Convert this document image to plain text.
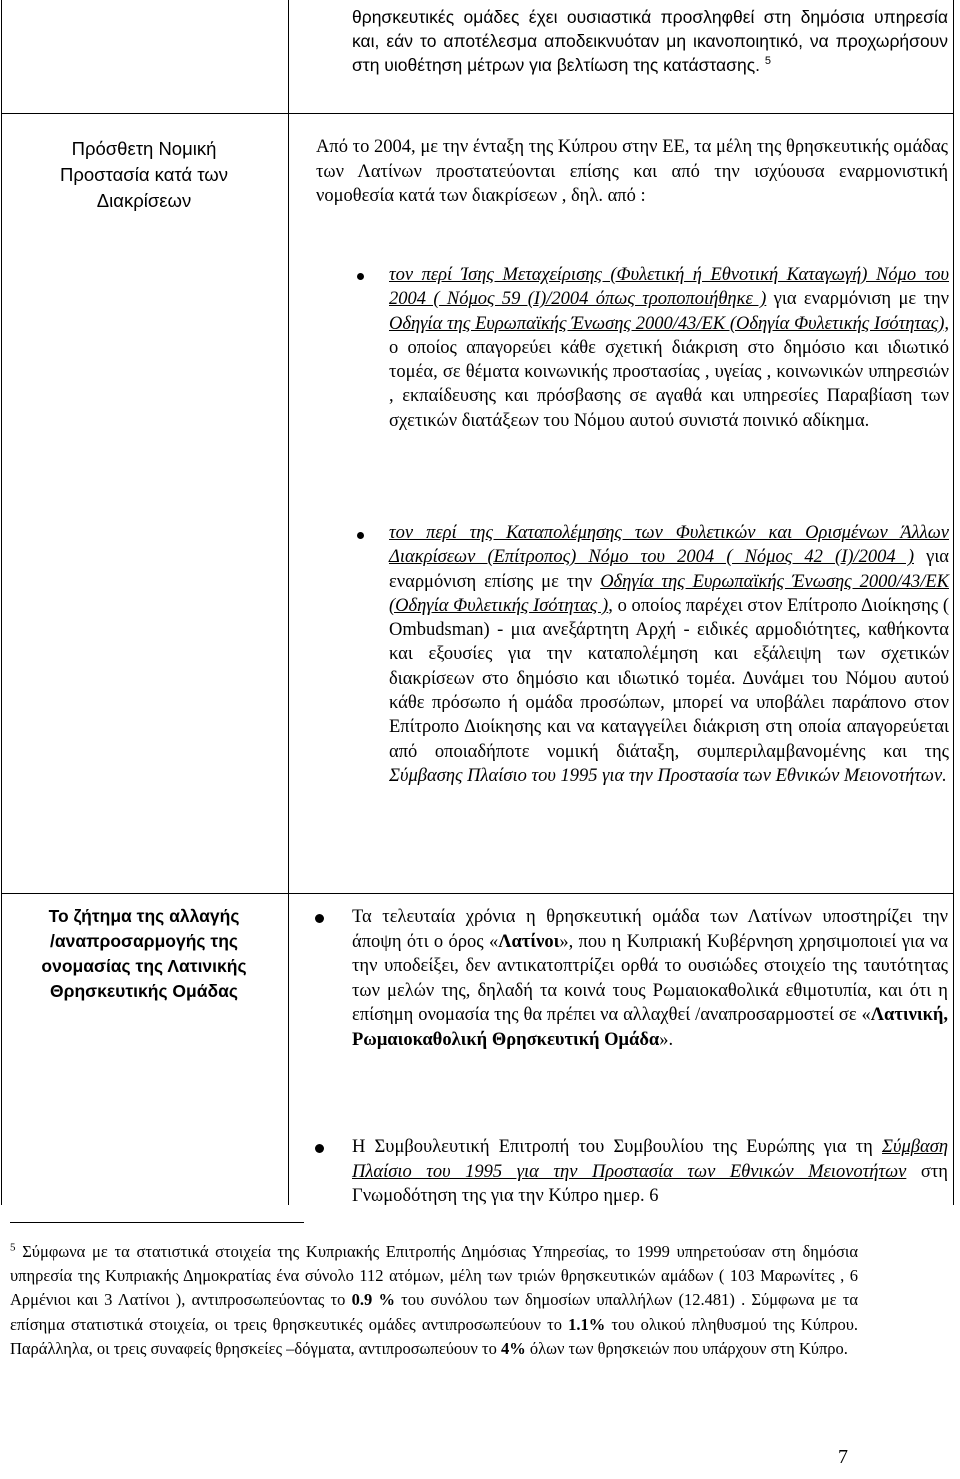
Πρόσθετη Νομική
Προστασία κατά των
Διακρίσεων
Το ζήτημα της αλλαγής
/αναπροσαρμογής της
ονομασίας της Λατινικής
Θρησκευτικής Ομάδας
θρησκευτικές ομάδες έχει ουσιαστικά προσληφθεί στη δημόσια υπηρεσία και, εάν το αποτέλεσμα αποδεικνυόταν μη ικανοποιητικό, να προχωρήσουν στη υιοθέτηση μέτρων για βελτίωση της κατάστασης. $^5$
Από το 2004, με την ένταξη της Κύπρου στην ΕΕ, τα μέλη της θρησκευτικής ομάδας των Λατίνων προστατεύονται επίσης και από την ισχύουσα εναρμονιστική νομοθεσία κατά των διακρίσεων , δηλ. από :
τον περί Ίσης Μεταχείρισης (Φυλετική ή Εθνοτική Καταγωγή) Νόμο του 2004 ( Νόμος 59 (Ι)/2004 όπως τροποποιήθηκε ) για εναρμόνιση με την Οδηγία της Ευρωπαϊκής Ένωσης 2000/43/ΕΚ (Οδηγία Φυλετικής Ισότητας), ο οποίος απαγορεύει κάθε σχετική διάκριση στο δημόσιο και ιδιωτικό τομέα, σε θέματα κοινωνικής προστασίας , υγείας , κοινωνικών υπηρεσιών , εκπαίδευσης και πρόσβασης σε αγαθά και υπηρεσίες Παραβίαση των σχετικών διατάξεων του Νόμου αυτού συνιστά ποινικό αδίκημα.
τον περί της Καταπολέμησης των Φυλετικών και Ορισμένων Άλλων Διακρίσεων (Επίτροπος) Νόμο του 2004 ( Νόμος 42 (Ι)/2004 ) για εναρμόνιση επίσης με την Οδηγία της Ευρωπαϊκής Ένωσης 2000/43/ΕΚ (Οδηγία Φυλετικής Ισότητας ), ο οποίος παρέχει στον Επίτροπο Διοίκησης ( Ombudsman) - μια ανεξάρτητη Αρχή - ειδικές αρμοδιότητες, καθήκοντα και εξουσίες για την καταπολέμηση και εξάλειψη των σχετικών διακρίσεων στο δημόσιο και ιδιωτικό τομέα. Δυνάμει του Νόμου αυτού κάθε πρόσωπο ή ομάδα προσώπων, μπορεί να υποβάλει παράπονο στον Επίτροπο Διοίκησης και να καταγγείλει διάκριση στη οποία απαγορεύεται από οποιαδήποτε νομική διάταξη, συμπεριλαμβανομένης και της Σύμβασης Πλαίσιο του 1995 για την Προστασία των Εθνικών Μειονοτήτων.
Τα τελευταία χρόνια η θρησκευτική ομάδα των Λατίνων υποστηρίζει την άποψη ότι ο όρος «Λατίνοι», που η Κυπριακή Κυβέρνηση χρησιμοποιεί για να την υποδείξει, δεν αντικατοπτρίζει ορθά το ουσιώδες στοιχείο της ταυτότητας των μελών της, δηλαδή τα κοινά τους Ρωμαιοκαθολικά εθιμοτυπία, και ότι η επίσημη ονομασία της θα πρέπει να αλλαχθεί /αναπροσαρμοστεί σε «Λατινική, Ρωμαιοκαθολική Θρησκευτική Ομάδα».
Η Συμβουλευτική Επιτροπή του Συμβουλίου της Ευρώπης για τη Σύμβαση Πλαίσιο του 1995 για την Προστασία των Εθνικών Μειονοτήτων στη Γνωμοδότηση της για την Κύπρο ημερ. 6
$^5$ Σύμφωνα με τα στατιστικά στοιχεία της Κυπριακής Επιτροπής Δημόσιας Υπηρεσίας, το 1999 υπηρετούσαν στη δημόσια υπηρεσία της Κυπριακής Δημοκρατίας ένα σύνολο 112 ατόμων, μέλη των τριών θρησκευτικών αμάδων ( 103 Μαρωνίτες , 6 Αρμένιοι και 3 Λατίνοι ), αντιπροσωπεύοντας το 0.9 % του συνόλου των δημοσίων υπαλλήλων (12.481) . Σύμφωνα με τα επίσημα στατιστικά στοιχεία, οι τρεις θρησκευτικές ομάδες αντιπροσωπεύουν το 1.1% του ολικού πληθυσμού της Κύπρου. Παράλληλα, οι τρεις συναφείς θρησκείες –δόγματα, αντιπροσωπεύουν το 4% όλων των θρησκειών που υπάρχουν στη Κύπρο.
7
